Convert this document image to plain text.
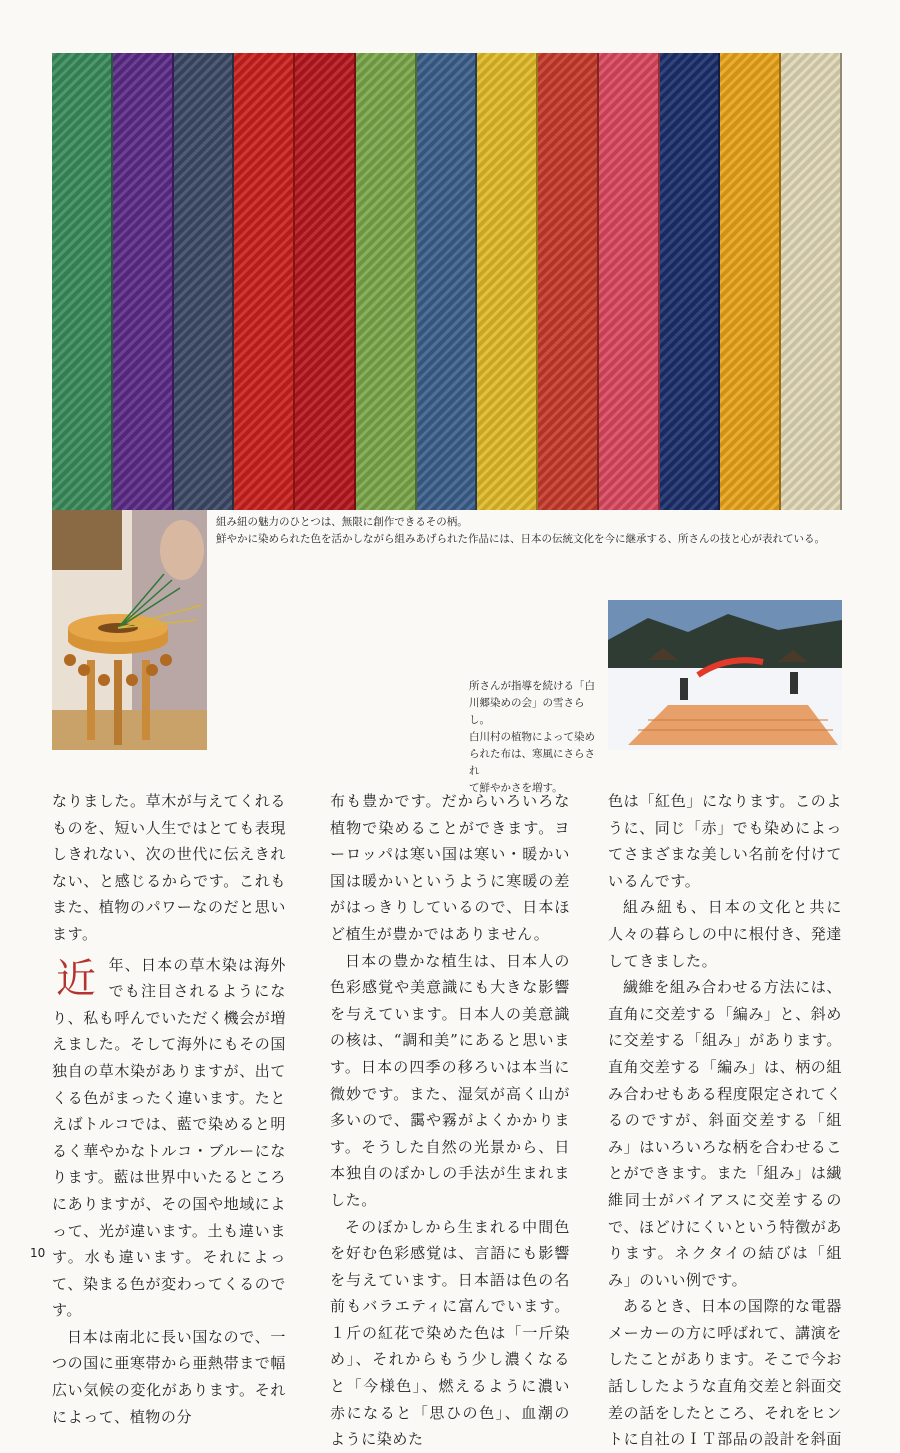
組み紐の魅力のひとつは、無限に創作できるその柄。
鮮やかに染められた色を活かしながら組みあげられた作品には、日本の伝統文化を今に継承する、所さんの技と心が表れている。
所さんが指導を続ける「白
川郷染めの会」の雪さらし。
白川村の植物によって染め
られた布は、寒風にさらされ
て鮮やかさを増す。

なりました。草木が与えてくれるものを、短い人生ではとても表現しきれない、次の世代に伝えきれない、と感じるからです。これもまた、植物のパワーなのだと思います。

近年、日本の草木染は海外でも注目されるようになり、私も呼んでいただく機会が増えました。そして海外にもその国独自の草木染がありますが、出てくる色がまったく違います。たとえばトルコでは、藍で染めると明るく華やかなトルコ・ブルーになります。藍は世界中いたるところにありますが、その国や地域によって、光が違います。土も違います。水も違います。それによって、染まる色が変わってくるのです。

日本は南北に長い国なので、一つの国に亜寒帯から亜熱帯まで幅広い気候の変化があります。それによって、植物の分

布も豊かです。だからいろいろな植物で染めることができます。ヨーロッパは寒い国は寒い・暖かい国は暖かいというように寒暖の差がはっきりしているので、日本ほど植生が豊かではありません。

日本の豊かな植生は、日本人の色彩感覚や美意識にも大きな影響を与えています。日本人の美意識の核は、“調和美”にあると思います。日本の四季の移ろいは本当に微妙です。また、湿気が高く山が多いので、靄や霧がよくかかります。そうした自然の光景から、日本独自のぼかしの手法が生まれました。

そのぼかしから生まれる中間色を好む色彩感覚は、言語にも影響を与えています。日本語は色の名前もバラエティに富んでいます。１斤の紅花で染めた色は「一斤染め」、それからもう少し濃くなると「今様色」、燃えるように濃い赤になると「思ひの色」、血潮のように染めた

色は「紅色」になります。このように、同じ「赤」でも染めによってさまざまな美しい名前を付けているんです。

組み紐も、日本の文化と共に人々の暮らしの中に根付き、発達してきました。

繊維を組み合わせる方法には、直角に交差する「編み」と、斜めに交差する「組み」があります。直角交差する「編み」は、柄の組み合わせもある程度限定されてくるのですが、斜面交差する「組み」はいろいろな柄を合わせることができます。また「組み」は繊維同士がバイアスに交差するので、ほどけにくいという特徴があります。ネクタイの結びは「組み」のいい例です。

あるとき、日本の国際的な電器メーカーの方に呼ばれて、講演をしたことがあります。そこで今お話ししたような直角交差と斜面交差の話をしたところ、それをヒントに自社のＩＴ部品の設計を斜面

10
